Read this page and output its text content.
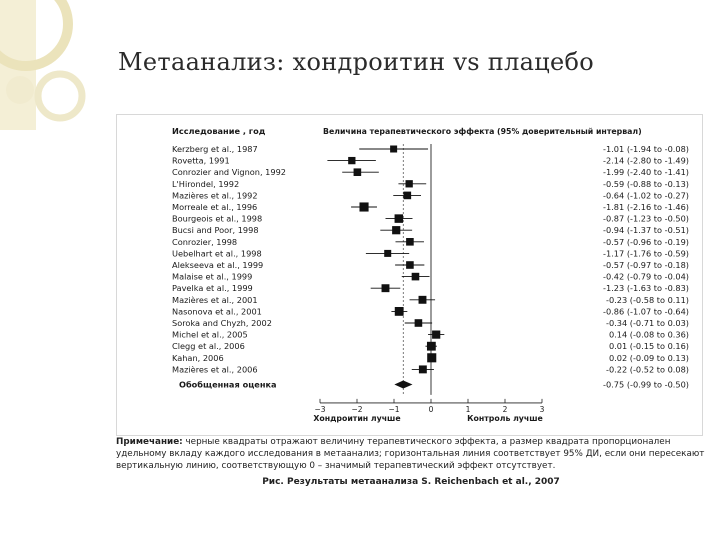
Метаанализ: хондроитин vs плацебо
Исследование , год	Величина терапевтического эффекта (95% доверительный интервал)
Kerzberg et al., 1987	-1.01 (-1.94 to -0.08)
Rovetta, 1991	-2.14 (-2.80 to -1.49)
Conrozier and Vignon, 1992	-1.99 (-2.40 to -1.41)
L'Hirondel, 1992	-0.59 (-0.88 to -0.13)
Mazières et al., 1992	-0.64 (-1.02 to -0.27)
Morreale et al., 1996	-1.81 (-2.16 to -1.46)
Bourgeois et al., 1998	-0.87 (-1.23 to -0.50)
Bucsi and Poor, 1998	-0.94 (-1.37 to -0.51)
Conrozier, 1998	-0.57 (-0.96 to -0.19)
Uebelhart et al., 1998	-1.17 (-1.76 to -0.59)
Alekseeva et al., 1999	-0.57 (-0.97 to -0.18)
Malaise et al., 1999	-0.42 (-0.79 to -0.04)
Pavelka et al., 1999	-1.23 (-1.63 to -0.83)
Mazières et al., 2001	-0.23 (-0.58 to 0.11)
Nasonova et al., 2001	-0.86 (-1.07 to -0.64)
Soroka and Chyzh, 2002	-0.34 (-0.71 to 0.03)
Michel et al., 2005	0.14 (-0.08 to 0.36)
Clegg et al., 2006	0.01 (-0.15 to 0.16)
Kahan, 2006	0.02 (-0.09 to 0.13)
Mazières et al., 2006	-0.22 (-0.52 to 0.08)
Обобщенная оценка	-0.75 (-0.99 to -0.50)
−3	−2	−1	0	1	2	3
Хондроитин лучше	Контроль лучше
Примечание: черные квадраты отражают величину терапевтического эффекта, а размер квадрата пропорционален удельному вкладу каждого исследования в метаанализ; горизонтальная линия соответствует 95% ДИ, если они пересекают вертикальную линию, соответствующую 0 – значимый терапевтический эффект отсутствует.
Рис. Результаты метаанализа S. Reichenbach et al., 2007
